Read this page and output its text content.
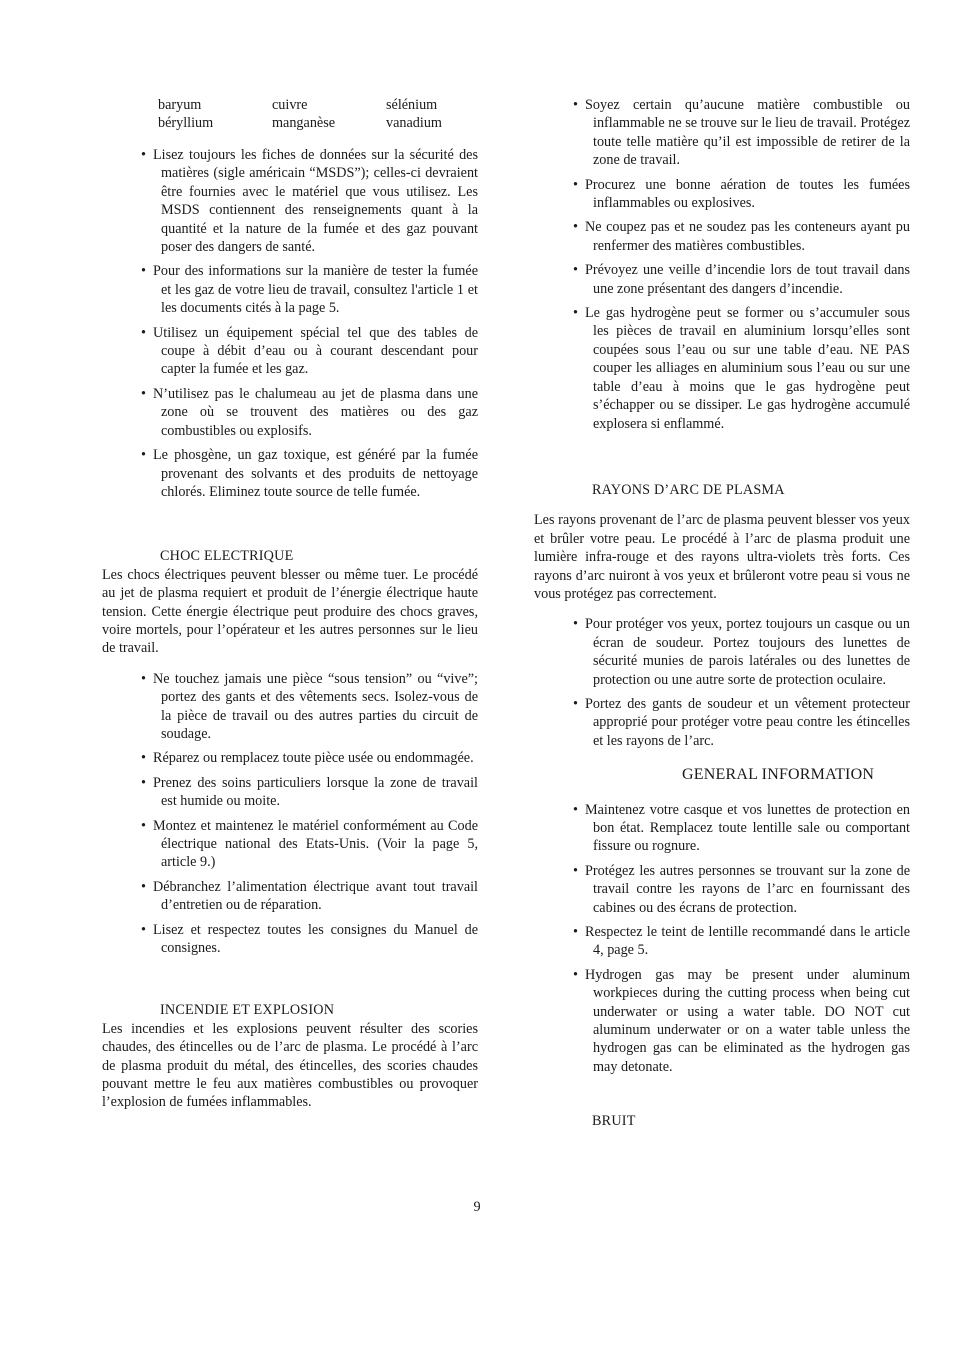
baryum	cuivre	sélénium
béryllium	manganèse	vanadium
• Lisez toujours les fiches de données sur la sécurité des matières (sigle américain “MSDS”); celles-ci devraient être fournies avec le matériel que vous utilisez. Les MSDS contiennent des renseignements quant à la quantité et la nature de la fumée et des gaz pouvant poser des dangers de santé.
• Pour des informations sur la manière de tester la fumée et les gaz de votre lieu de travail, consultez l'article 1 et les documents cités à la page 5.
• Utilisez un équipement spécial tel que des tables de coupe à débit d’eau ou à courant descendant pour capter la fumée et les gaz.
• N’utilisez pas le chalumeau au jet de plasma dans une zone où se trouvent des matières ou des gaz combustibles ou explosifs.
• Le phosgène, un gaz toxique, est généré par la fumée provenant des solvants et des produits de nettoyage chlorés. Eliminez toute source de telle fumée.
CHOC ELECTRIQUE

Les chocs électriques peuvent blesser ou même tuer. Le procédé au jet de plasma requiert et produit de l’énergie électrique haute tension. Cette énergie électrique peut produire des chocs graves, voire mortels, pour l’opérateur et les autres personnes sur le lieu de travail.

• Ne touchez jamais une pièce “sous tension” ou “vive”; portez des gants et des vêtements secs. Isolez-vous de la pièce de travail ou des autres parties du circuit de soudage.
• Réparez ou remplacez toute pièce usée ou endommagée.
• Prenez des soins particuliers lorsque la zone de travail est humide ou moite.
• Montez et maintenez le matériel conformément au Code électrique national des Etats-Unis. (Voir la page 5, article 9.)
• Débranchez l’alimentation électrique avant tout travail d’entretien ou de réparation.
• Lisez et respectez toutes les consignes du Manuel de consignes.
INCENDIE ET EXPLOSION

Les incendies et les explosions peuvent résulter des scories chaudes, des étincelles ou de l’arc de plasma. Le procédé à l’arc de plasma produit du métal, des étincelles, des scories chaudes pouvant mettre le feu aux matières combustibles ou provoquer l’explosion de fumées inflammables.

• Soyez certain qu’aucune matière combustible ou inflammable ne se trouve sur le lieu de travail. Protégez toute telle matière qu’il est impossible de retirer de la zone de travail.
• Procurez une bonne aération de toutes les fumées inflammables ou explosives.
• Ne coupez pas et ne soudez pas les conteneurs ayant pu renfermer des matières combustibles.
• Prévoyez une veille d’incendie lors de tout travail dans une zone présentant des dangers d’incendie.
• Le gas hydrogène peut se former ou s’accumuler sous les pièces de travail en aluminium lorsqu’elles sont coupées sous l’eau ou sur une table d’eau. NE PAS couper les alliages en aluminium sous l’eau ou sur une table d’eau à moins que le gas hydrogène peut s’échapper ou se dissiper. Le gas hydrogène accumulé explosera si enflammé.
RAYONS D’ARC DE PLASMA

Les rayons provenant de l’arc de plasma peuvent blesser vos yeux et brûler votre peau. Le procédé à l’arc de plasma produit une lumière infra-rouge et des rayons ultra-violets très forts. Ces rayons d’arc nuiront à vos yeux et brûleront votre peau si vous ne vous protégez pas correctement.

• Pour protéger vos yeux, portez toujours un casque ou un écran de soudeur. Portez toujours des lunettes de sécurité munies de parois latérales ou des lunettes de protection ou une autre sorte de protection oculaire.
• Portez des gants de soudeur et un vêtement protecteur approprié pour protéger votre peau contre les étincelles et les rayons de l’arc.
GENERAL INFORMATION
• Maintenez votre casque et vos lunettes de protection en bon état. Remplacez toute lentille sale ou comportant fissure ou rognure.
• Protégez les autres personnes se trouvant sur la zone de travail contre les rayons de l’arc en fournissant des cabines ou des écrans de protection.
• Respectez le teint de lentille recommandé dans le article 4, page 5.
• Hydrogen gas may be present under aluminum workpieces during the cutting process when being cut underwater or using a water table. DO NOT cut aluminum underwater or on a water table unless the hydrogen gas can be eliminated as the hydrogen gas may detonate.
BRUIT
9
